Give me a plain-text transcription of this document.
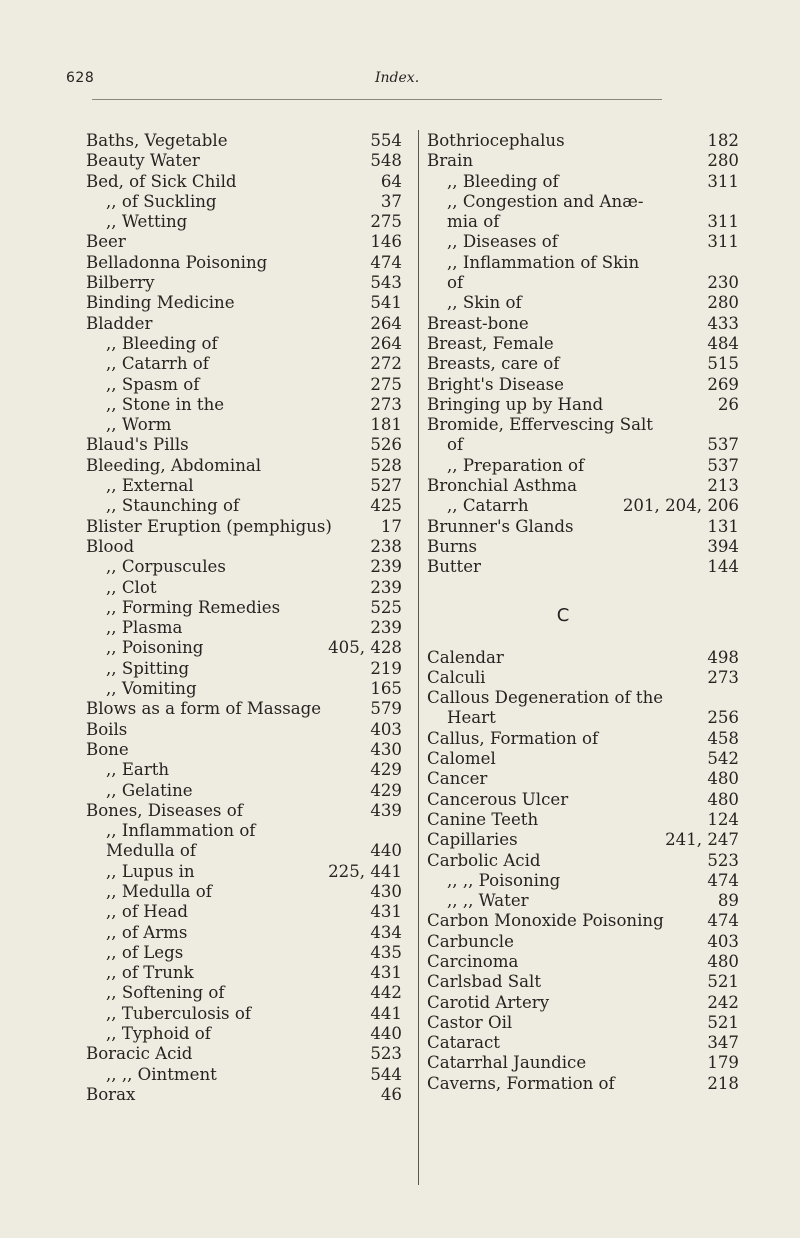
628	Index.
Baths, Vegetable	554
Beauty Water	548
Bed, of Sick Child	64
,, of Suckling	37
,, Wetting	275
Beer	146
Belladonna Poisoning	474
Bilberry	543
Binding Medicine	541
Bladder	264
,, Bleeding of	264
,, Catarrh of	272
,, Spasm of	275
,, Stone in the	273
,, Worm	181
Blaud's Pills	526
Bleeding, Abdominal	528
,, External	527
,, Staunching of	425
Blister Eruption (pemphigus)	17
Blood	238
,, Corpuscules	239
,, Clot	239
,, Forming Remedies	525
,, Plasma	239
,, Poisoning	405, 428
,, Spitting	219
,, Vomiting	165
Blows as a form of Massage	579
Boils	403
Bone	430
,, Earth	429
,, Gelatine	429
Bones, Diseases of	439
,, Inflammation of
Medulla of	440
,, Lupus in	225, 441
,, Medulla of	430
,, of Head	431
,, of Arms	434
,, of Legs	435
,, of Trunk	431
,, Softening of	442
,, Tuberculosis of	441
,, Typhoid of	440
Boracic Acid	523
,, ,, Ointment	544
Borax	46
Bothriocephalus	182
Brain	280
,, Bleeding of	311
,, Congestion and Anæ-
mia of	311
,, Diseases of	311
,, Inflammation of Skin
of	230
,, Skin of	280
Breast-bone	433
Breast, Female	484
Breasts, care of	515
Bright's Disease	269
Bringing up by Hand	26
Bromide, Effervescing Salt
of	537
,, Preparation of	537
Bronchial Asthma	213
,, Catarrh	201, 204, 206
Brunner's Glands	131
Burns	394
Butter	144
C
Calendar	498
Calculi	273
Callous Degeneration of the
Heart	256
Callus, Formation of	458
Calomel	542
Cancer	480
Cancerous Ulcer	480
Canine Teeth	124
Capillaries	241, 247
Carbolic Acid	523
,, ,, Poisoning	474
,, ,, Water	89
Carbon Monoxide Poisoning	474
Carbuncle	403
Carcinoma	480
Carlsbad Salt	521
Carotid Artery	242
Castor Oil	521
Cataract	347
Catarrhal Jaundice	179
Caverns, Formation of	218
